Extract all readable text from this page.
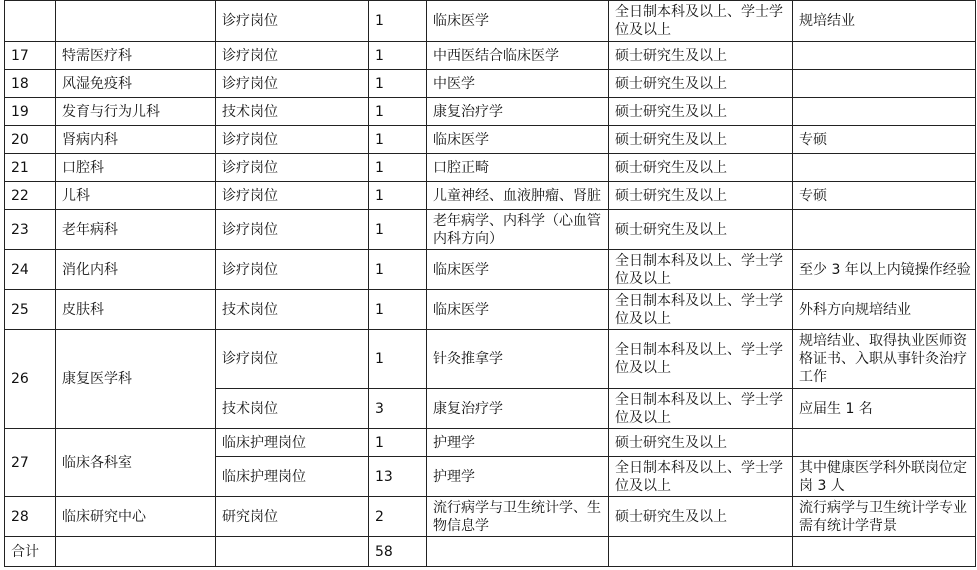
		诊疗岗位	1	临床医学	全日制本科及以上、学士学位及以上	规培结业
17	特需医疗科	诊疗岗位	1	中西医结合临床医学	硕士研究生及以上	
18	风湿免疫科	诊疗岗位	1	中医学	硕士研究生及以上	
19	发育与行为儿科	技术岗位	1	康复治疗学	硕士研究生及以上	
20	肾病内科	诊疗岗位	1	临床医学	硕士研究生及以上	专硕
21	口腔科	诊疗岗位	1	口腔正畸	硕士研究生及以上	
22	儿科	诊疗岗位	1	儿童神经、血液肿瘤、肾脏	硕士研究生及以上	专硕
23	老年病科	诊疗岗位	1	老年病学、内科学（心血管内科方向）	硕士研究生及以上	
24	消化内科	诊疗岗位	1	临床医学	全日制本科及以上、学士学位及以上	至少 3 年以上内镜操作经验
25	皮肤科	技术岗位	1	临床医学	全日制本科及以上、学士学位及以上	外科方向规培结业
26	康复医学科	诊疗岗位	1	针灸推拿学	全日制本科及以上、学士学位及以上	规培结业、取得执业医师资格证书、入职从事针灸治疗工作
		技术岗位	3	康复治疗学	全日制本科及以上、学士学位及以上	应届生 1 名
27	临床各科室	临床护理岗位	1	护理学	硕士研究生及以上	
		临床护理岗位	13	护理学	全日制本科及以上、学士学位及以上	其中健康医学科外联岗位定岗 3 人
28	临床研究中心	研究岗位	2	流行病学与卫生统计学、生物信息学	硕士研究生及以上	流行病学与卫生统计学专业需有统计学背景
合计			58			
